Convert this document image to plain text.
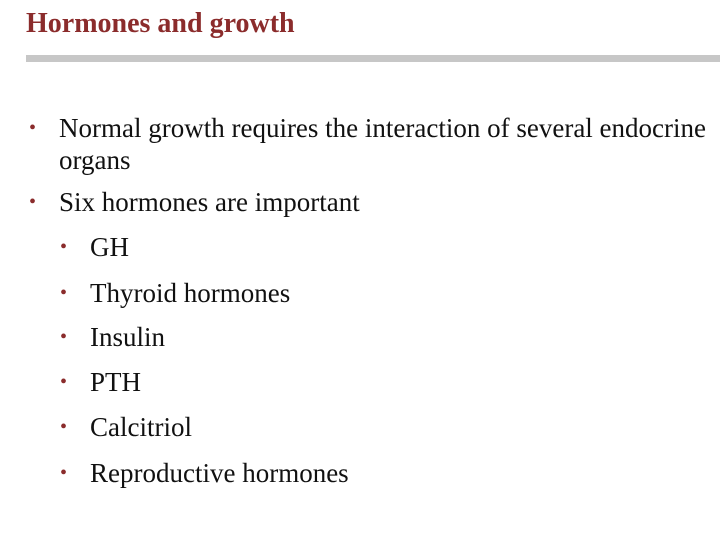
Hormones and growth
• Normal growth requires the interaction of several endocrine organs
• Six hormones are important
• GH
• Thyroid hormones
• Insulin
• PTH
• Calcitriol
• Reproductive hormones
